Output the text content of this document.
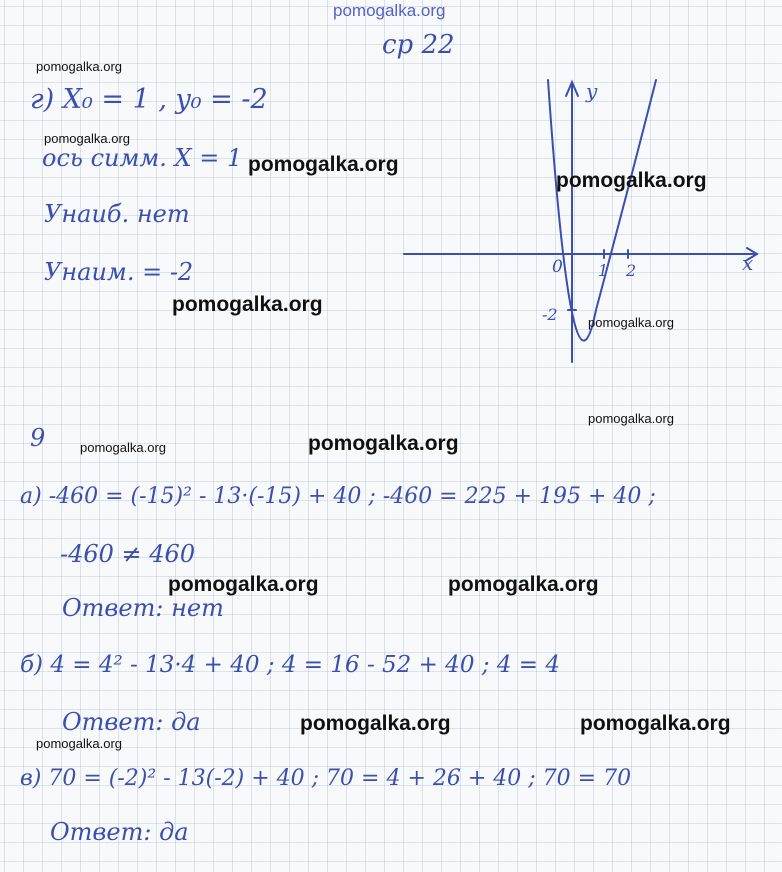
pomogalka.org
ср 22
г) X₀ = 1 , y₀ = -2
ось симм. X = 1
Унаиб. нет
Унаим. = -2
y
x
0 1 2
-2
9
а) -460 = (-15)² - 13·(-15) + 40 ; -460 = 225 + 195 + 40 ;
-460 ≠ 460
Ответ: нет
б) 4 = 4² - 13·4 + 40 ; 4 = 16 - 52 + 40 ; 4 = 4
Ответ: да
в) 70 = (-2)² - 13(-2) + 40 ; 70 = 4 + 26 + 40 ; 70 = 70
Ответ: да
pomogalka.org
pomogalka.org
pomogalka.org
pomogalka.org
pomogalka.org
pomogalka.org
pomogalka.org
pomogalka.org	pomogalka.org
pomogalka.org	pomogalka.org
pomogalka.org	pomogalka.org
pomogalka.org
